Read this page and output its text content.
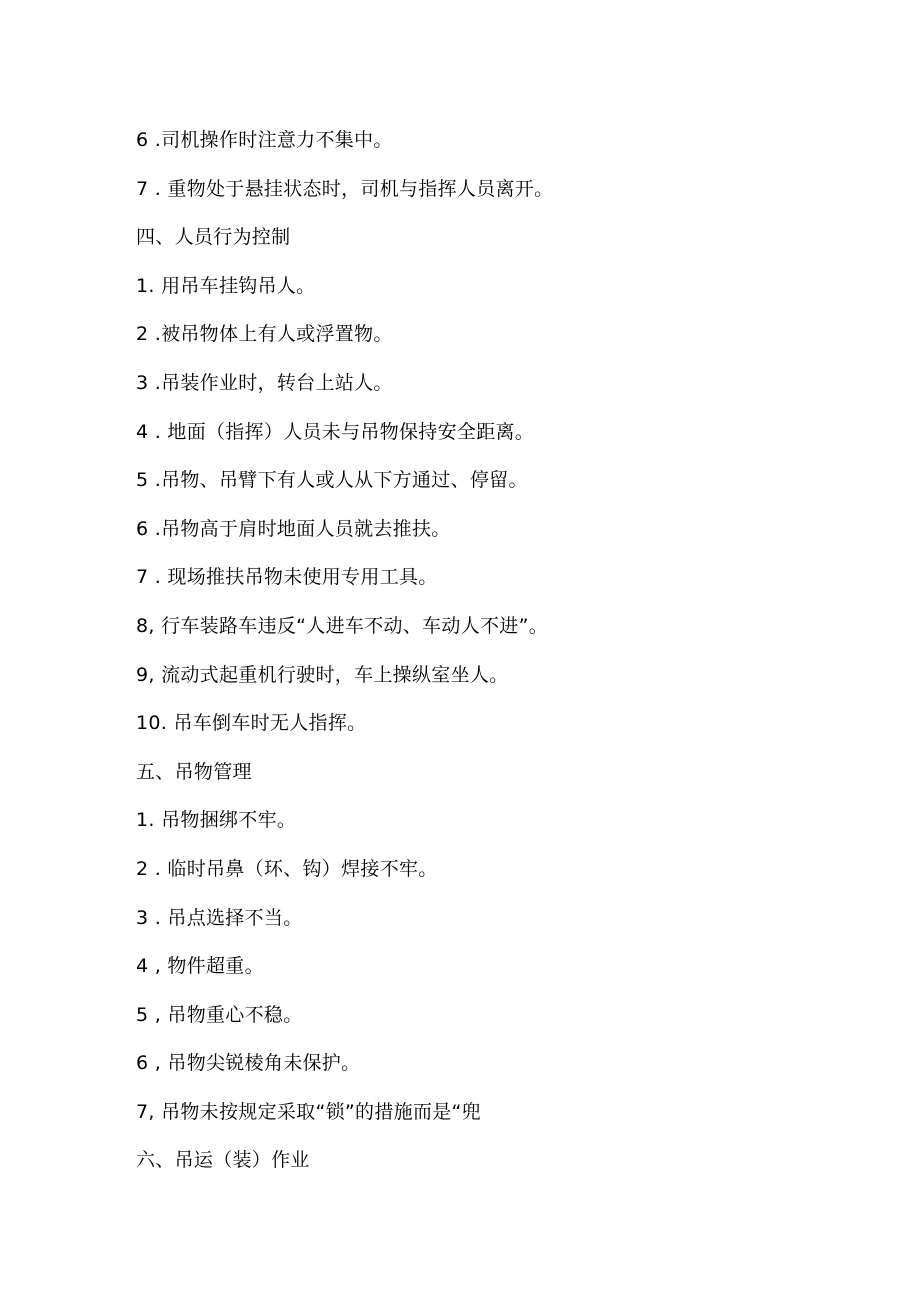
6 .司机操作时注意力不集中。
7 . 重物处于悬挂状态时，司机与指挥人员离开。
四、人员行为控制
1. 用吊车挂钩吊人。
2 .被吊物体上有人或浮置物。
3 .吊装作业时，转台上站人。
4 . 地面（指挥）人员未与吊物保持安全距离。
5 .吊物、吊臂下有人或人从下方通过、停留。
6 .吊物高于肩时地面人员就去推扶。
7 . 现场推扶吊物未使用专用工具。
8, 行车装路车违反“人进车不动、车动人不进”。
9, 流动式起重机行驶时，车上操纵室坐人。
10. 吊车倒车时无人指挥。
五、吊物管理
1. 吊物捆绑不牢。
2 . 临时吊鼻（环、钩）焊接不牢。
3 . 吊点选择不当。
4 , 物件超重。
5 , 吊物重心不稳。
6 , 吊物尖锐棱角未保护。
7, 吊物未按规定采取“锁”的措施而是“兜
六、吊运（装）作业
